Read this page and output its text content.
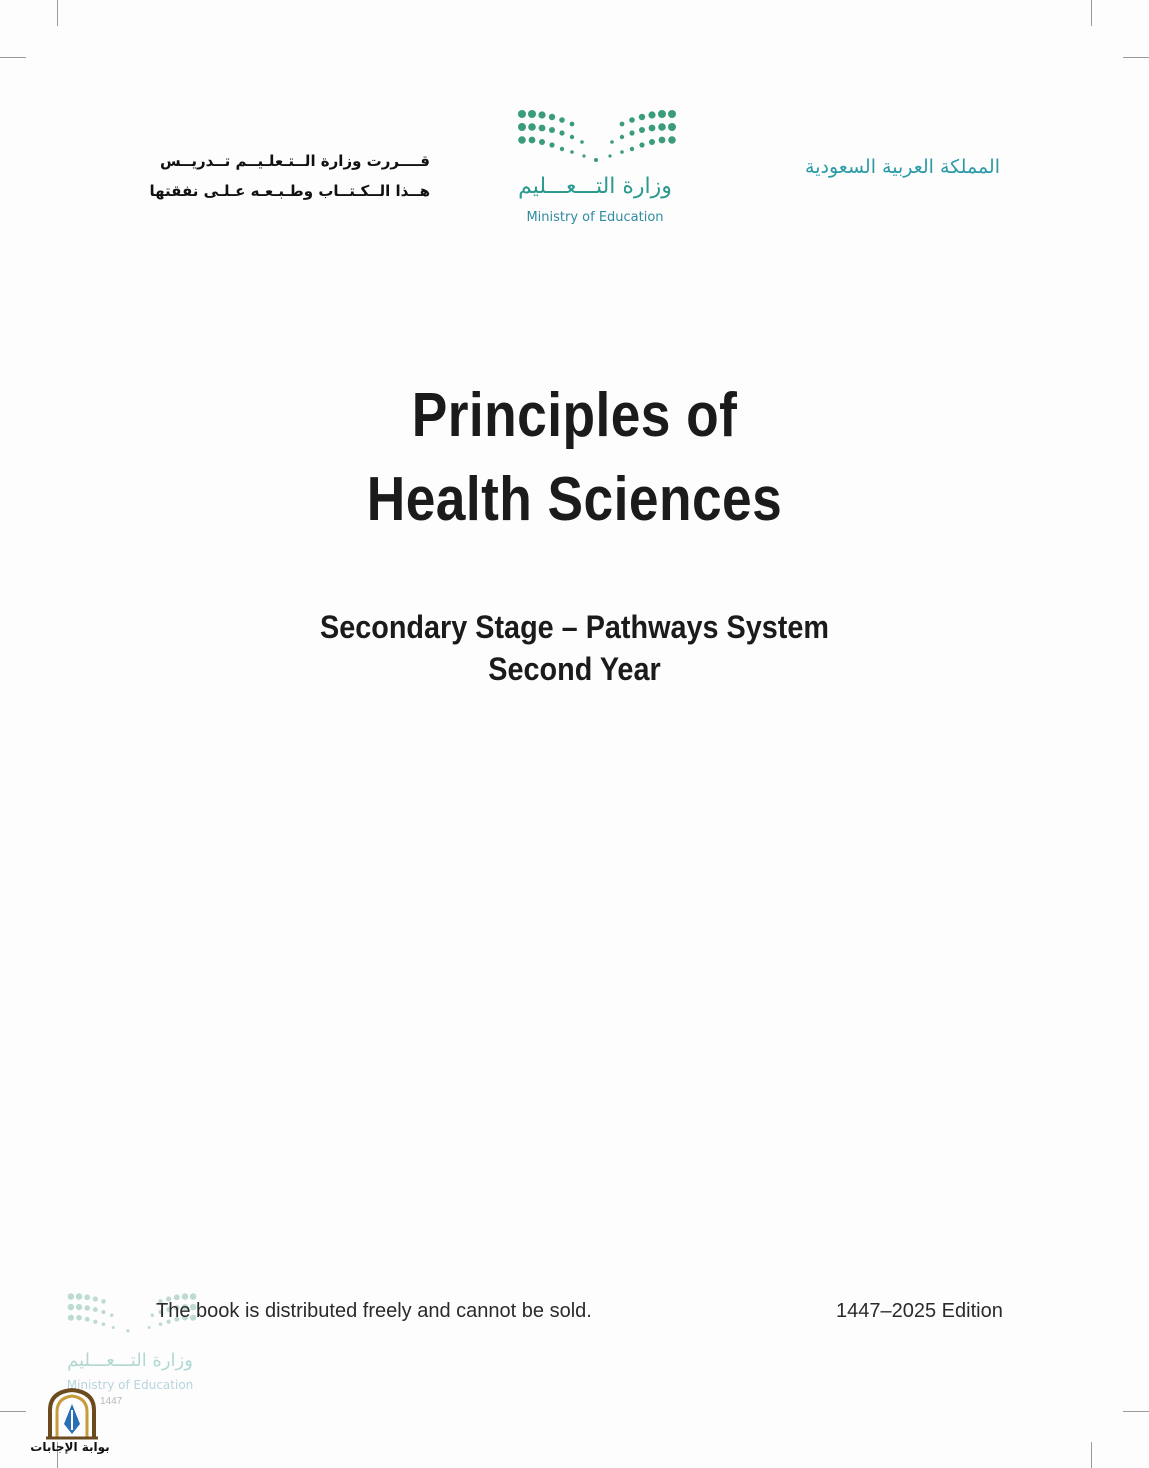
قــــررت وزارة الــتـعلـيــم تــدريــس
هــذا الــكـتــاب وطـبـعـه عـلـى نفقتها	وزارة التـــعـــليم
Ministry of Education
المملكة العربية السعودية
Principles of
Health Sciences
Secondary Stage – Pathways System
Second Year
وزارة التـــعـــليم
Ministry of Education
1447
The book is distributed freely and cannot be sold.	1447–2025 Edition
بوابة الإجابات
